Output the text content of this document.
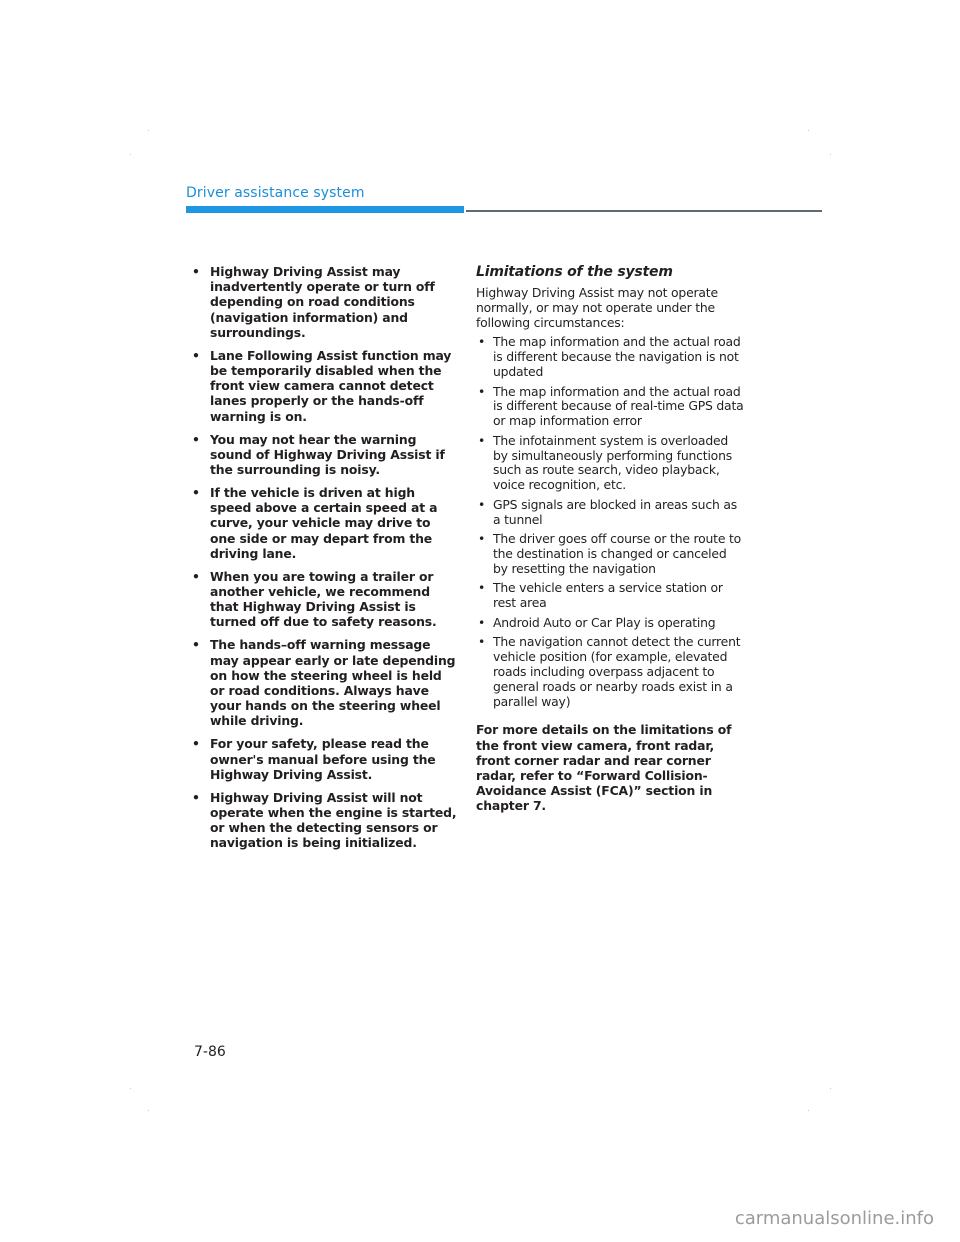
Driver assistance system
• Highway Driving Assist may inadvertently operate or turn off depending on road conditions (navigation information) and surroundings.
• Lane Following Assist function may be temporarily disabled when the front view camera cannot detect lanes properly or the hands-off warning is on.
• You may not hear the warning sound of Highway Driving Assist if the surrounding is noisy.
• If the vehicle is driven at high speed above a certain speed at a curve, your vehicle may drive to one side or may depart from the driving lane.
• When you are towing a trailer or another vehicle, we recommend that Highway Driving Assist is turned off due to safety reasons.
• The hands–off warning message may appear early or late depending on how the steering wheel is held or road conditions. Always have your hands on the steering wheel while driving.
• For your safety, please read the owner's manual before using the Highway Driving Assist.
• Highway Driving Assist will not operate when the engine is started, or when the detecting sensors or navigation is being initialized.
Limitations of the system

Highway Driving Assist may not operate normally, or may not operate under the following circumstances:

• The map information and the actual road is different because the navigation is not updated
• The map information and the actual road is different because of real-time GPS data or map information error
• The infotainment system is overloaded by simultaneously performing functions such as route search, video playback, voice recognition, etc.
• GPS signals are blocked in areas such as a tunnel
• The driver goes off course or the route to the destination is changed or canceled by resetting the navigation
• The vehicle enters a service station or rest area
• Android Auto or Car Play is operating
• The navigation cannot detect the current vehicle position (for example, elevated roads including overpass adjacent to general roads or nearby roads exist in a parallel way)

For more details on the limitations of the front view camera, front radar, front corner radar and rear corner radar, refer to “Forward Collision-Avoidance Assist (FCA)” section in chapter 7.

7-86
carmanualsonline.info
